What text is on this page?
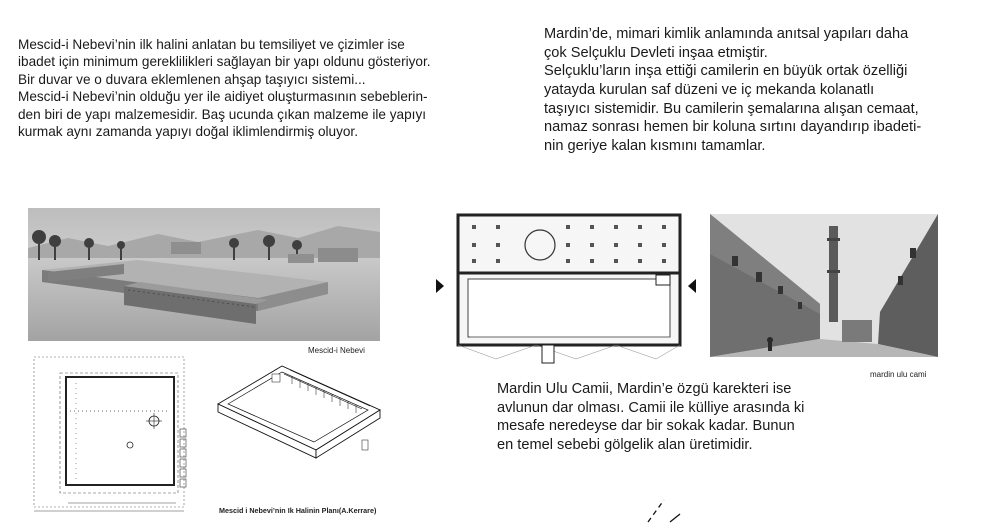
Mescid-i Nebevi’nin ilk halini anlatan bu temsiliyet ve çizimler ise
ibadet için minimum gereklilikleri sağlayan bir yapı oldunu gösteriyor.
Bir duvar ve o duvara eklemlenen ahşap taşıyıcı sistemi...
Mescid-i Nebevi’nin olduğu yer ile aidiyet oluşturmasının sebeblerin-
den biri de yapı malzemesidir. Baş ucunda çıkan malzeme ile yapıyı
kurmak aynı zamanda yapıyı doğal iklimlendirmiş oluyor.

Mardin’de, mimari kimlik anlamında anıtsal yapıları daha
çok Selçuklu Devleti inşaa etmiştir.
Selçuklu’ların inşa ettiği camilerin en büyük ortak özelliği
yatayda kurulan saf düzeni ve iç mekanda kolanatlı
taşıyıcı sistemidir. Bu camilerin şemalarına alışan cemaat,
namaz sonrası hemen bir koluna sırtını dayandırıp ibadeti-
nin geriye kalan kısmını tamamlar.

Mescid-i Nebevi
Mescid i Nebevi’nin Ik Halinin Planı(A.Kerrare)
mardin ulu cami

Mardin Ulu Camii, Mardin’e özgü karekteri ise
avlunun dar olması. Camii ile külliye arasında ki
mesafe neredeyse dar bir sokak kadar. Bunun
en temel sebebi gölgelik alan üretimidir.
